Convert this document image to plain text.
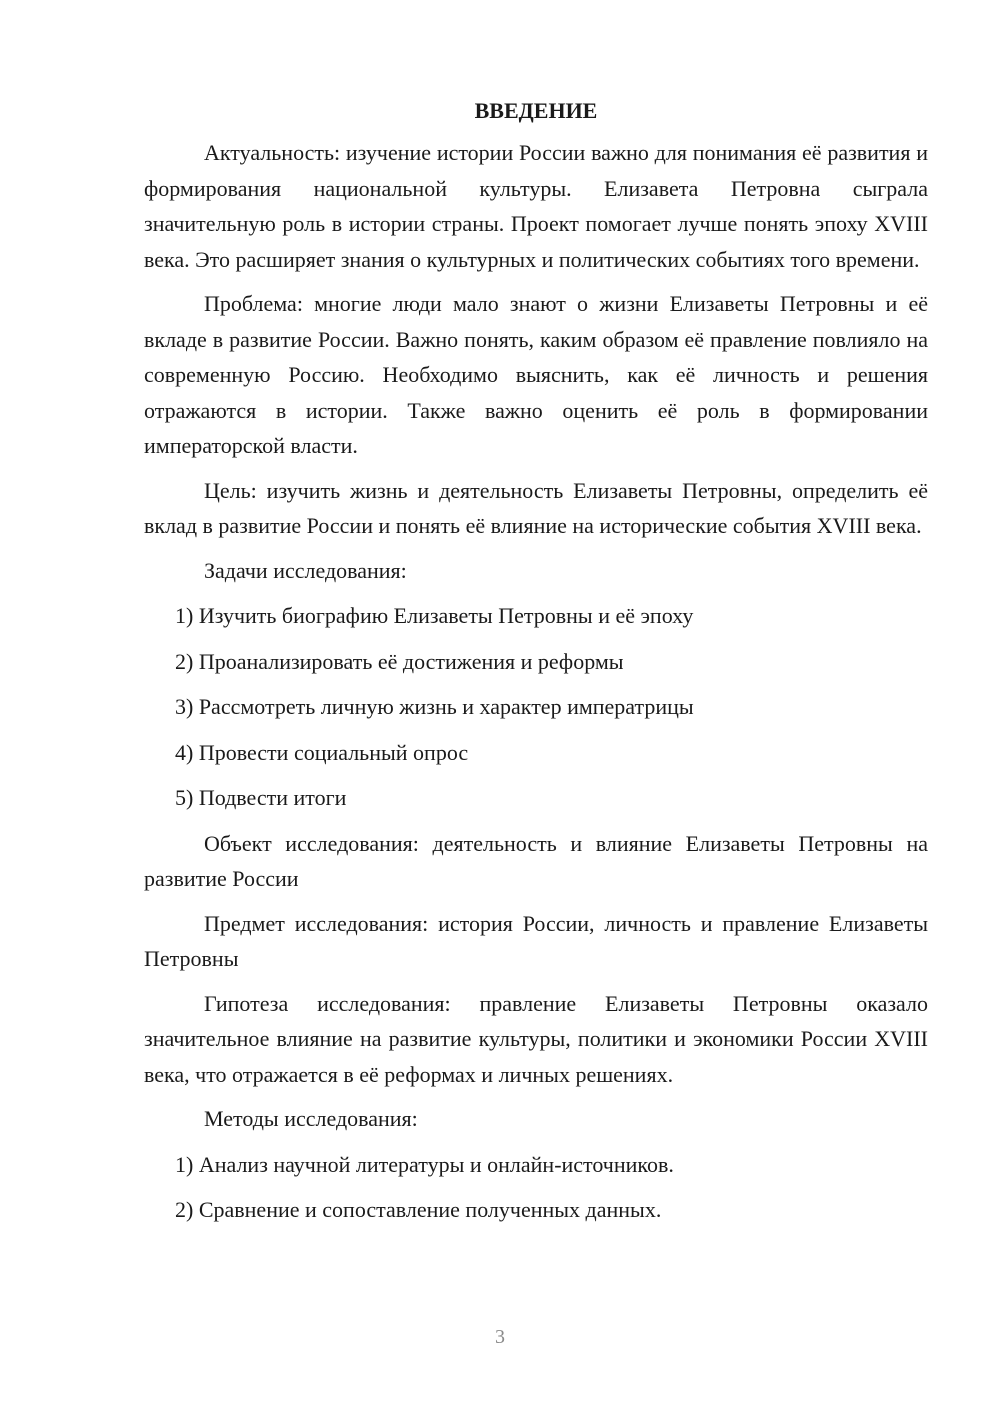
ВВЕДЕНИЕ

Актуальность: изучение истории России важно для понимания её развития и формирования национальной культуры. Елизавета Петровна сыграла значительную роль в истории страны. Проект помогает лучше понять эпоху XVIII века. Это расширяет знания о культурных и политических событиях того времени.

Проблема: многие люди мало знают о жизни Елизаветы Петровны и её вкладе в развитие России. Важно понять, каким образом её правление повлияло на современную Россию. Необходимо выяснить, как её личность и решения отражаются в истории. Также важно оценить её роль в формировании императорской власти.

Цель: изучить жизнь и деятельность Елизаветы Петровны, определить её вклад в развитие России и понять её влияние на исторические события XVIII века.

Задачи исследования:

1) Изучить биографию Елизаветы Петровны и её эпоху
2) Проанализировать её достижения и реформы
3) Рассмотреть личную жизнь и характер императрицы
4) Провести социальный опрос
5) Подвести итоги

Объект исследования: деятельность и влияние Елизаветы Петровны на развитие России

Предмет исследования: история России, личность и правление Елизаветы Петровны

Гипотеза исследования: правление Елизаветы Петровны оказало значительное влияние на развитие культуры, политики и экономики России XVIII века, что отражается в её реформах и личных решениях.

Методы исследования:

1) Анализ научной литературы и онлайн-источников.
2) Сравнение и сопоставление полученных данных.
3
